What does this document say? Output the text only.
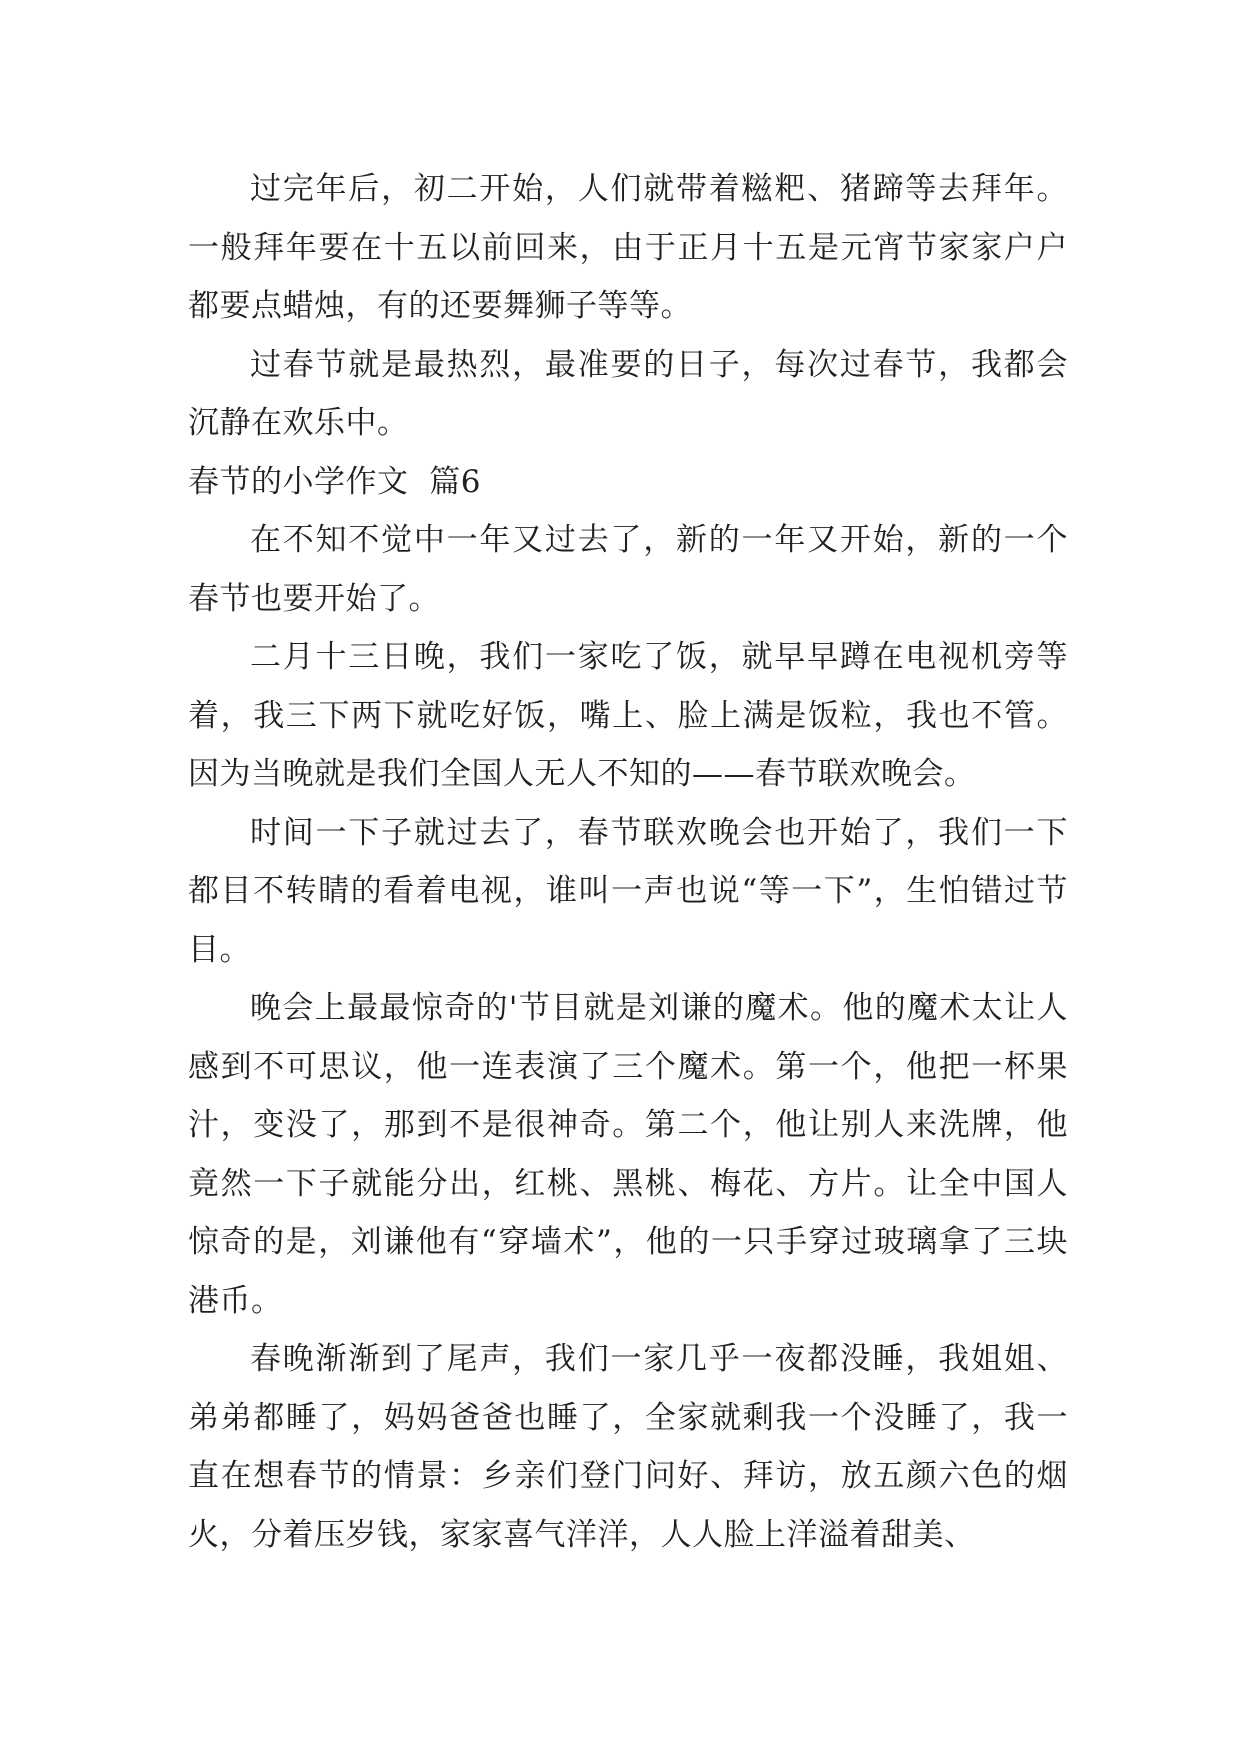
过完年后，初二开始，人们就带着糍粑、猪蹄等去拜年。一般拜年要在十五以前回来，由于正月十五是元宵节家家户户都要点蜡烛，有的还要舞狮子等等。

过春节就是最热烈，最准要的日子，每次过春节，我都会沉静在欢乐中。

春节的小学作文  篇6

在不知不觉中一年又过去了，新的一年又开始，新的一个春节也要开始了。

二月十三日晚，我们一家吃了饭，就早早蹲在电视机旁等着，我三下两下就吃好饭，嘴上、脸上满是饭粒，我也不管。因为当晚就是我们全国人无人不知的——春节联欢晚会。

时间一下子就过去了，春节联欢晚会也开始了，我们一下都目不转睛的看着电视，谁叫一声也说“等一下”，生怕错过节目。

晚会上最最惊奇的'节目就是刘谦的魔术。他的魔术太让人感到不可思议，他一连表演了三个魔术。第一个，他把一杯果汁，变没了，那到不是很神奇。第二个，他让别人来洗牌，他竟然一下子就能分出，红桃、黑桃、梅花、方片。让全中国人惊奇的是，刘谦他有“穿墙术”，他的一只手穿过玻璃拿了三块港币。

春晚渐渐到了尾声，我们一家几乎一夜都没睡，我姐姐、弟弟都睡了，妈妈爸爸也睡了，全家就剩我一个没睡了，我一直在想春节的情景：乡亲们登门问好、拜访，放五颜六色的烟火，分着压岁钱，家家喜气洋洋，人人脸上洋溢着甜美、
